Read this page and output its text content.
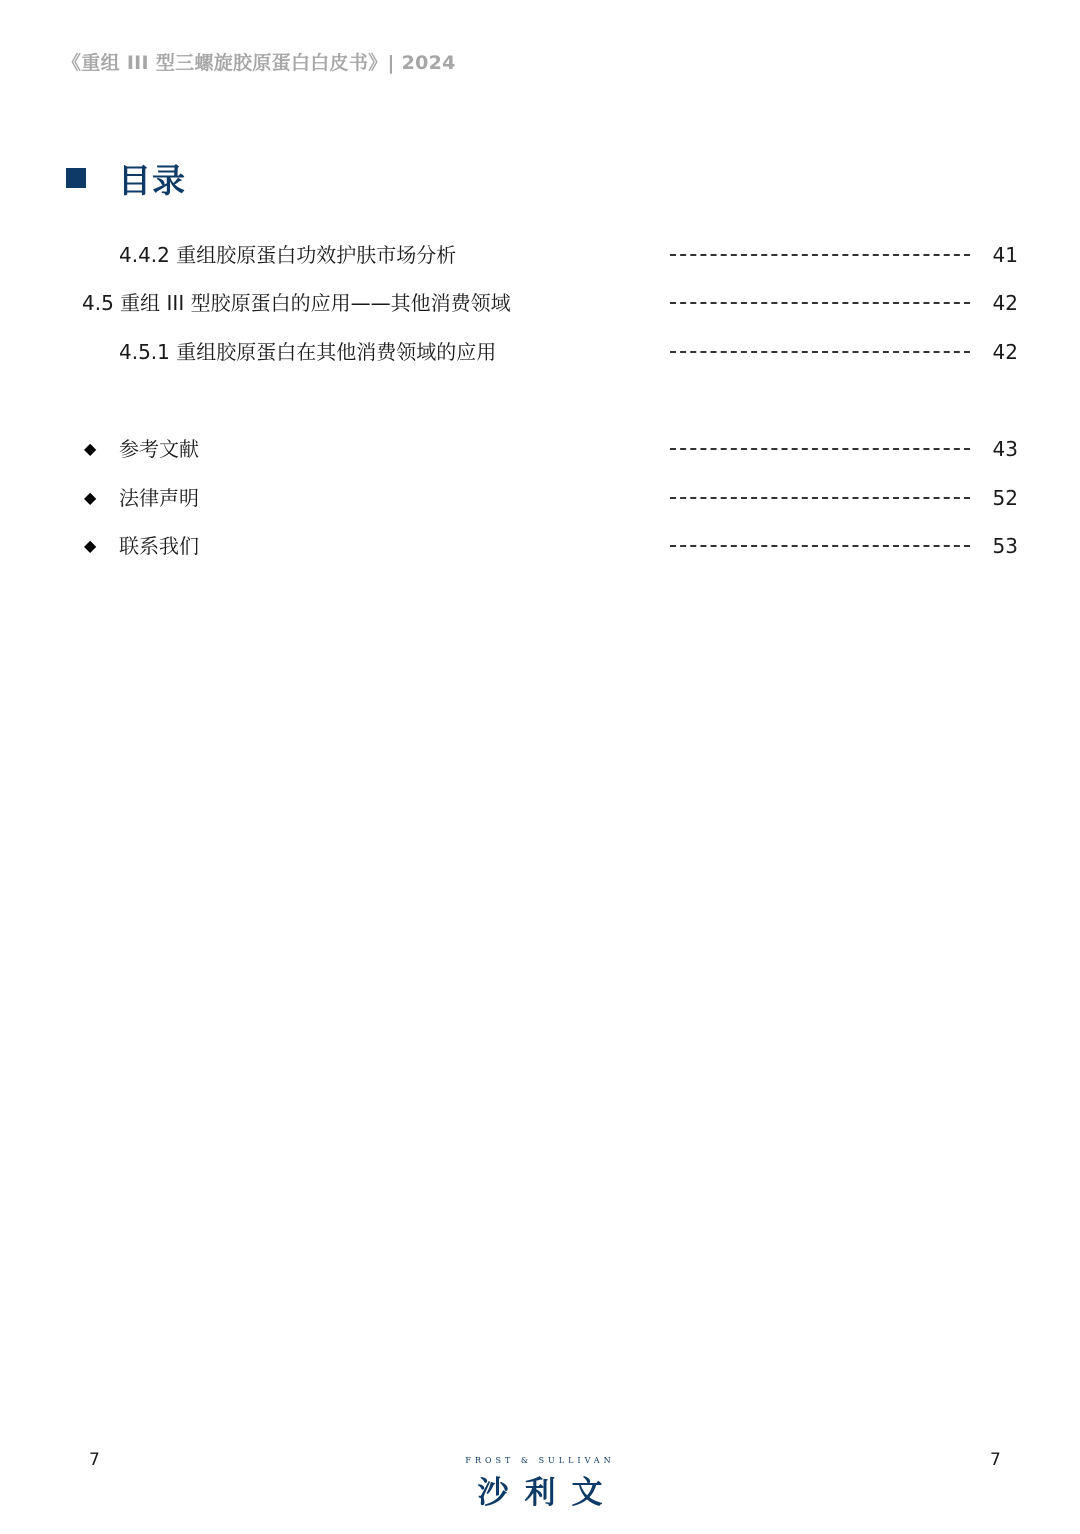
《重组 III 型三螺旋胶原蛋白白皮书》| 2024
目录
4.4.2 重组胶原蛋白功效护肤市场分析	41
4.5 重组 III 型胶原蛋白的应用——其他消费领域	42
4.5.1 重组胶原蛋白在其他消费领域的应用	42
◆ 参考文献	43
◆ 法律声明	52
◆ 联系我们	53
7	7
FROST & SULLIVAN
沙利文
